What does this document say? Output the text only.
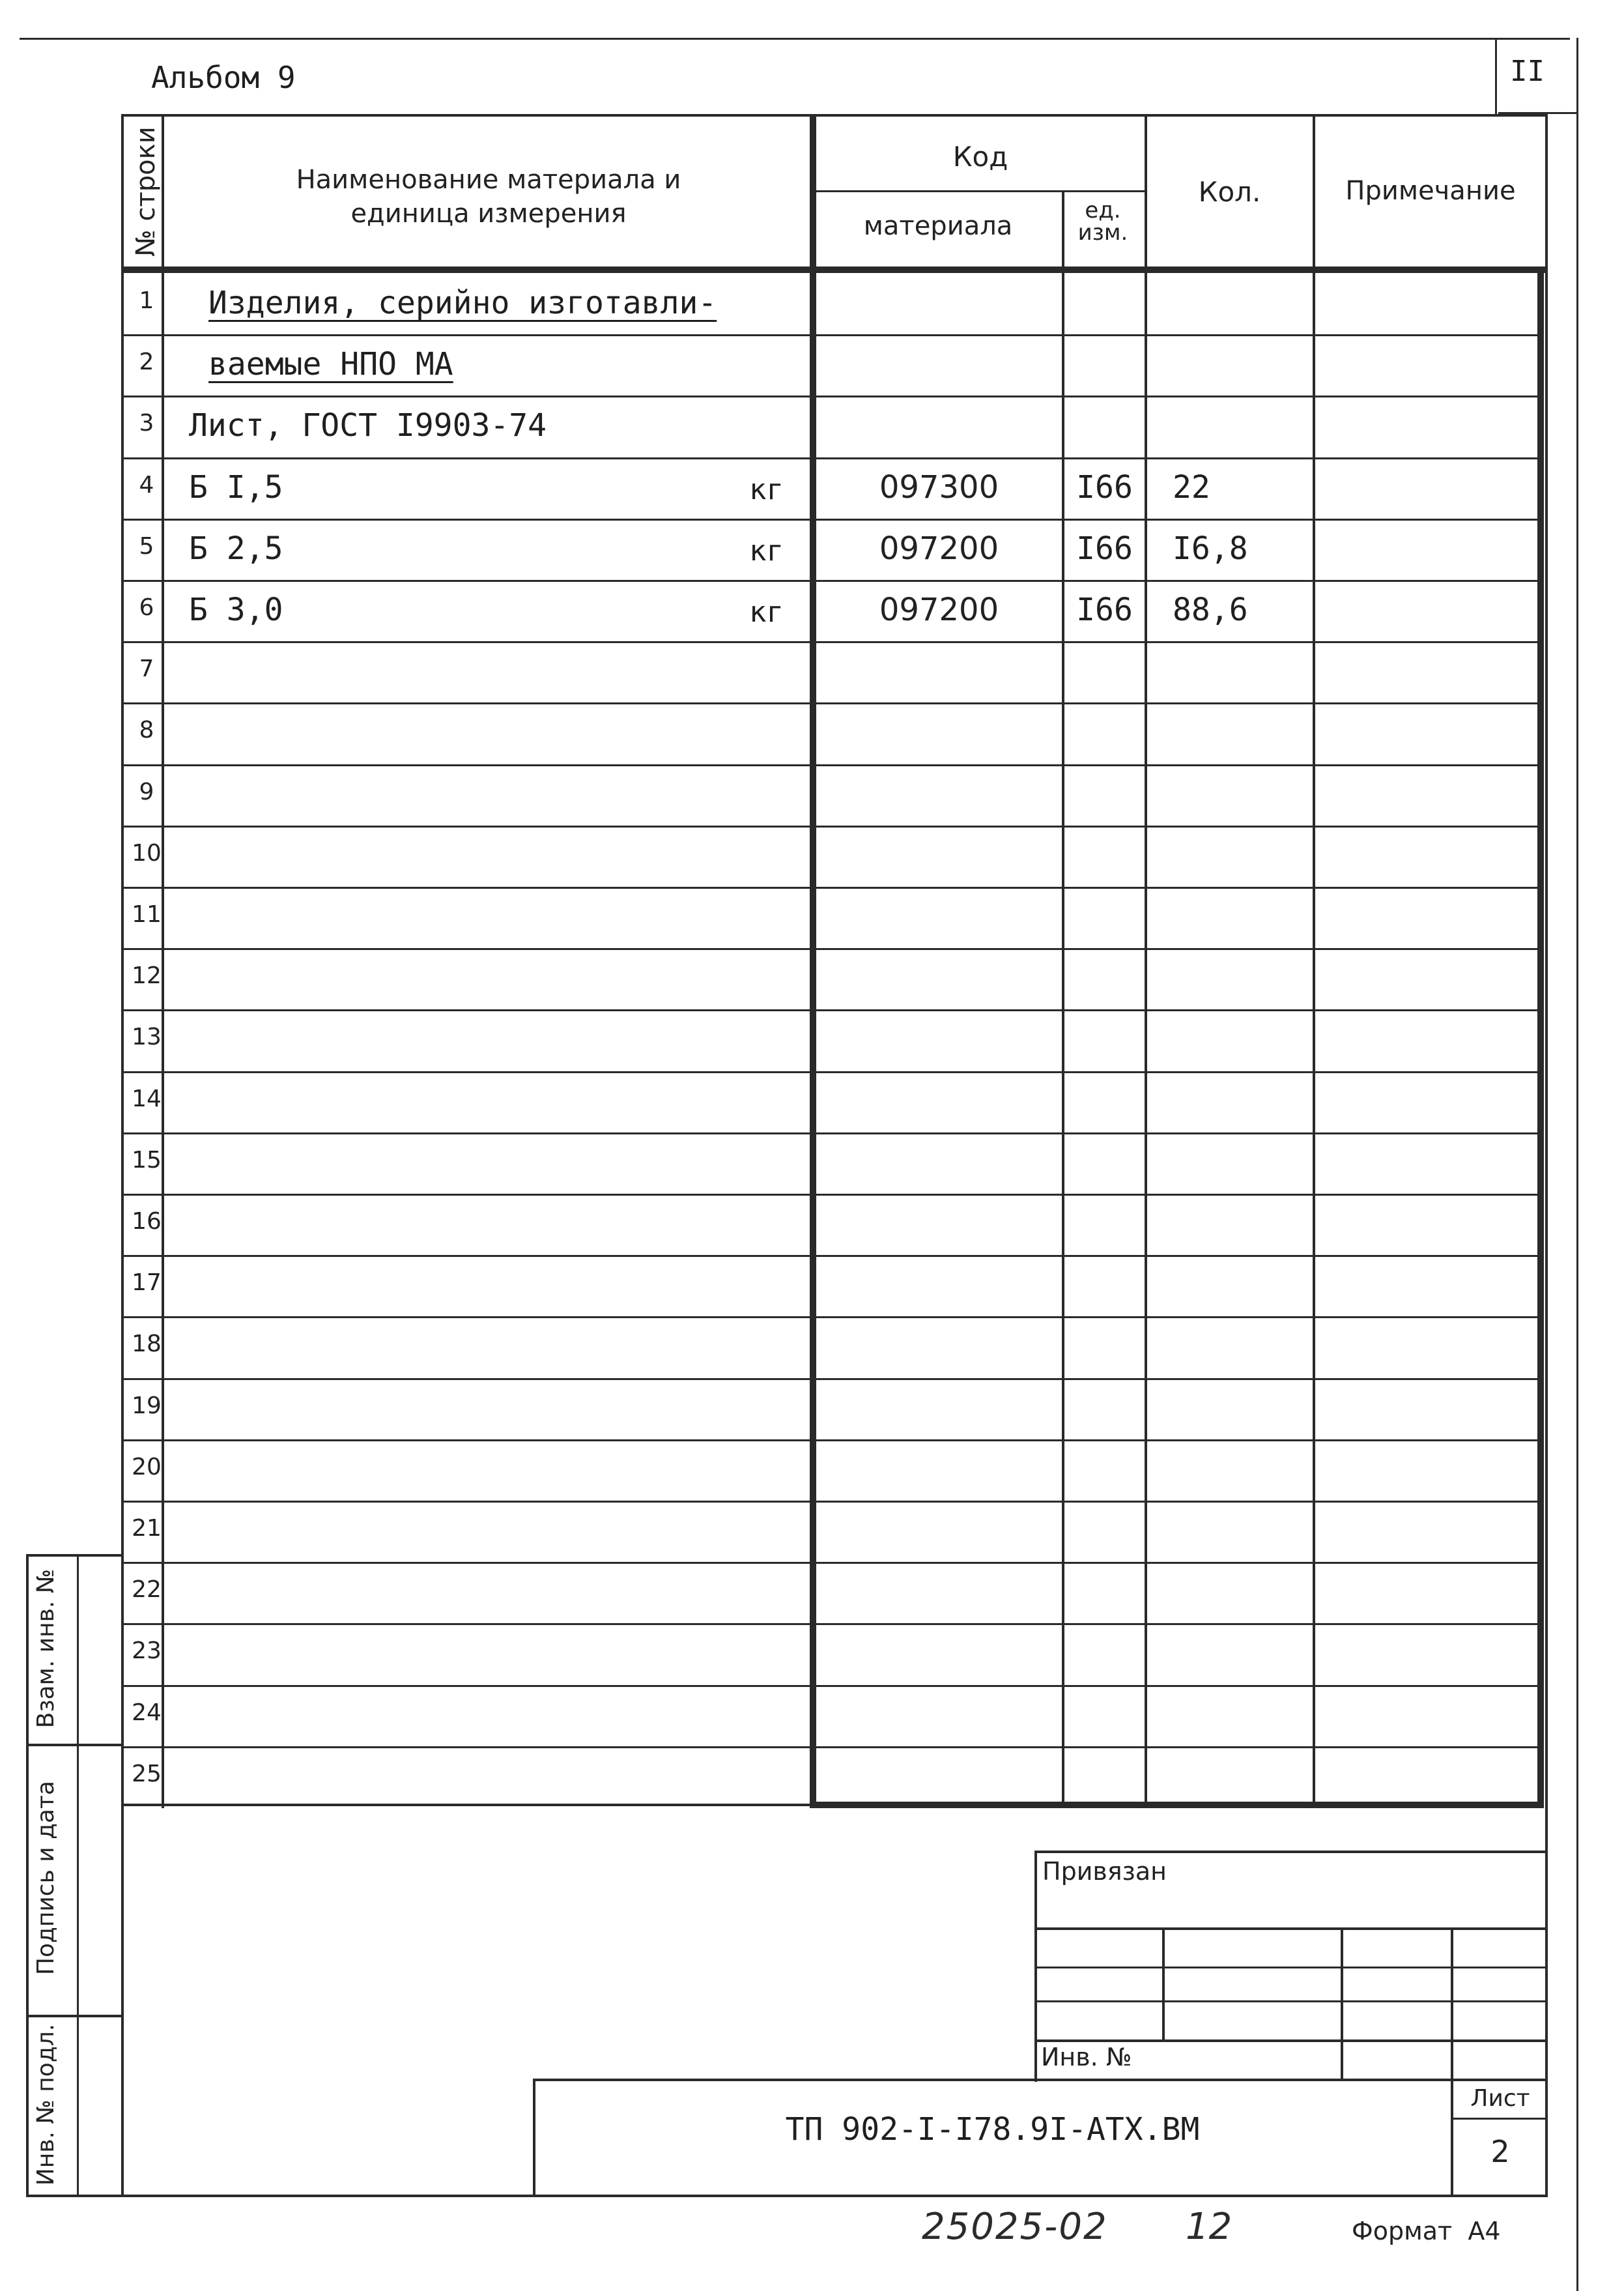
Альбом 9	II
№ строки	Наименование материала и единица измерения
Код
материала
ед. изм.
Кол.	Примечание
1	Изделия, серийно изготавли-
2	ваемые НПО МА
3	Лист, ГОСТ I9903-74
4	Б I,5	кг	097300	I66	22
5	Б 2,5	кг	097200	I66	I6,8
6	Б 3,0	кг	097200	I66	88,6
7
8
9
10
11
12
13
14
15
16
17
18
19
20
21
22
23
24
25
Взам. инв. №
Подпись и дата
Инв. № подл.
Привязан
Инв. №
ТП 902-I-I78.9I-АТХ.ВМ
Лист
2
25025-02 12	Формат  А4
